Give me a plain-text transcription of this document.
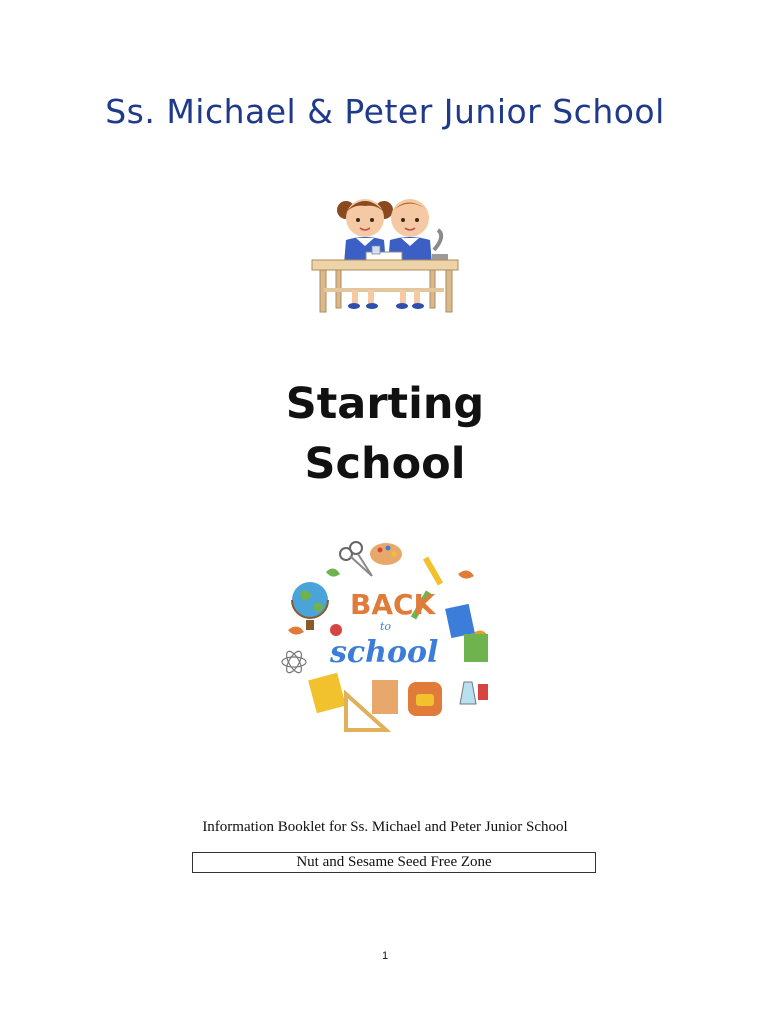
Ss. Michael & Peter Junior School
Starting
School
BACK
to
school
Information Booklet for Ss. Michael and Peter Junior School
Nut and Sesame Seed Free Zone
1
